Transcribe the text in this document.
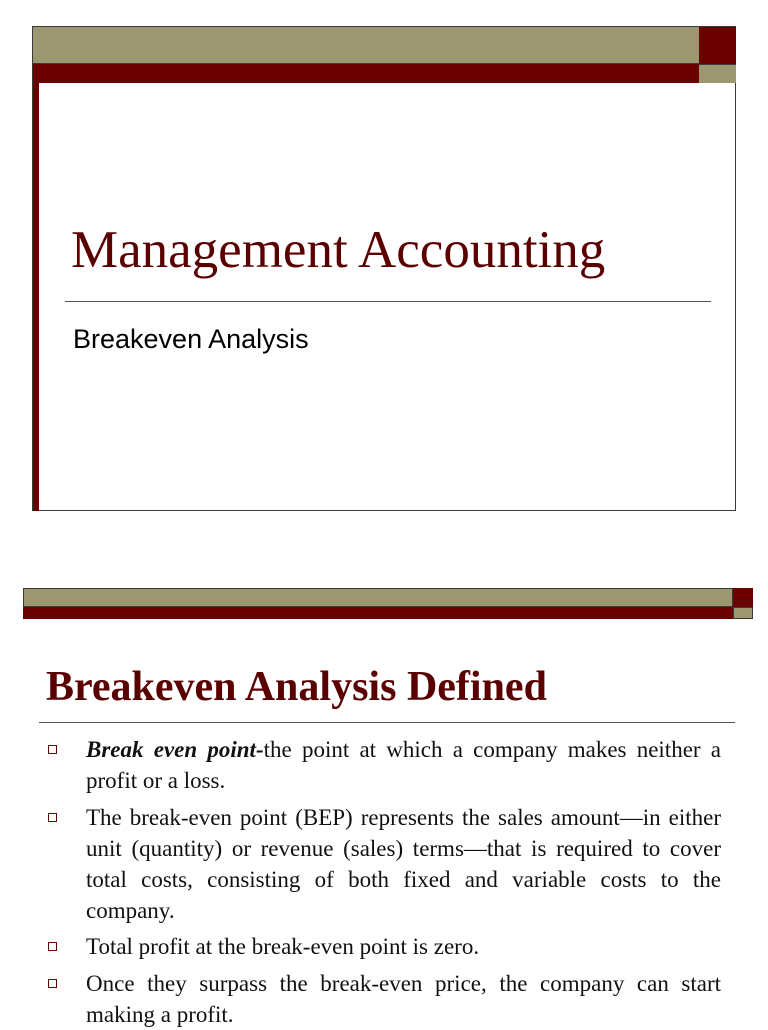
Management Accounting
Breakeven Analysis
Breakeven Analysis Defined

Break even point-the point at which a company makes neither a profit or a loss.

The break-even point (BEP) represents the sales amount—in either unit (quantity) or revenue (sales) terms—that is required to cover total costs, consisting of both fixed and variable costs to the company.

Total profit at the break-even point is zero.

Once they surpass the break-even price, the company can start making a profit.
